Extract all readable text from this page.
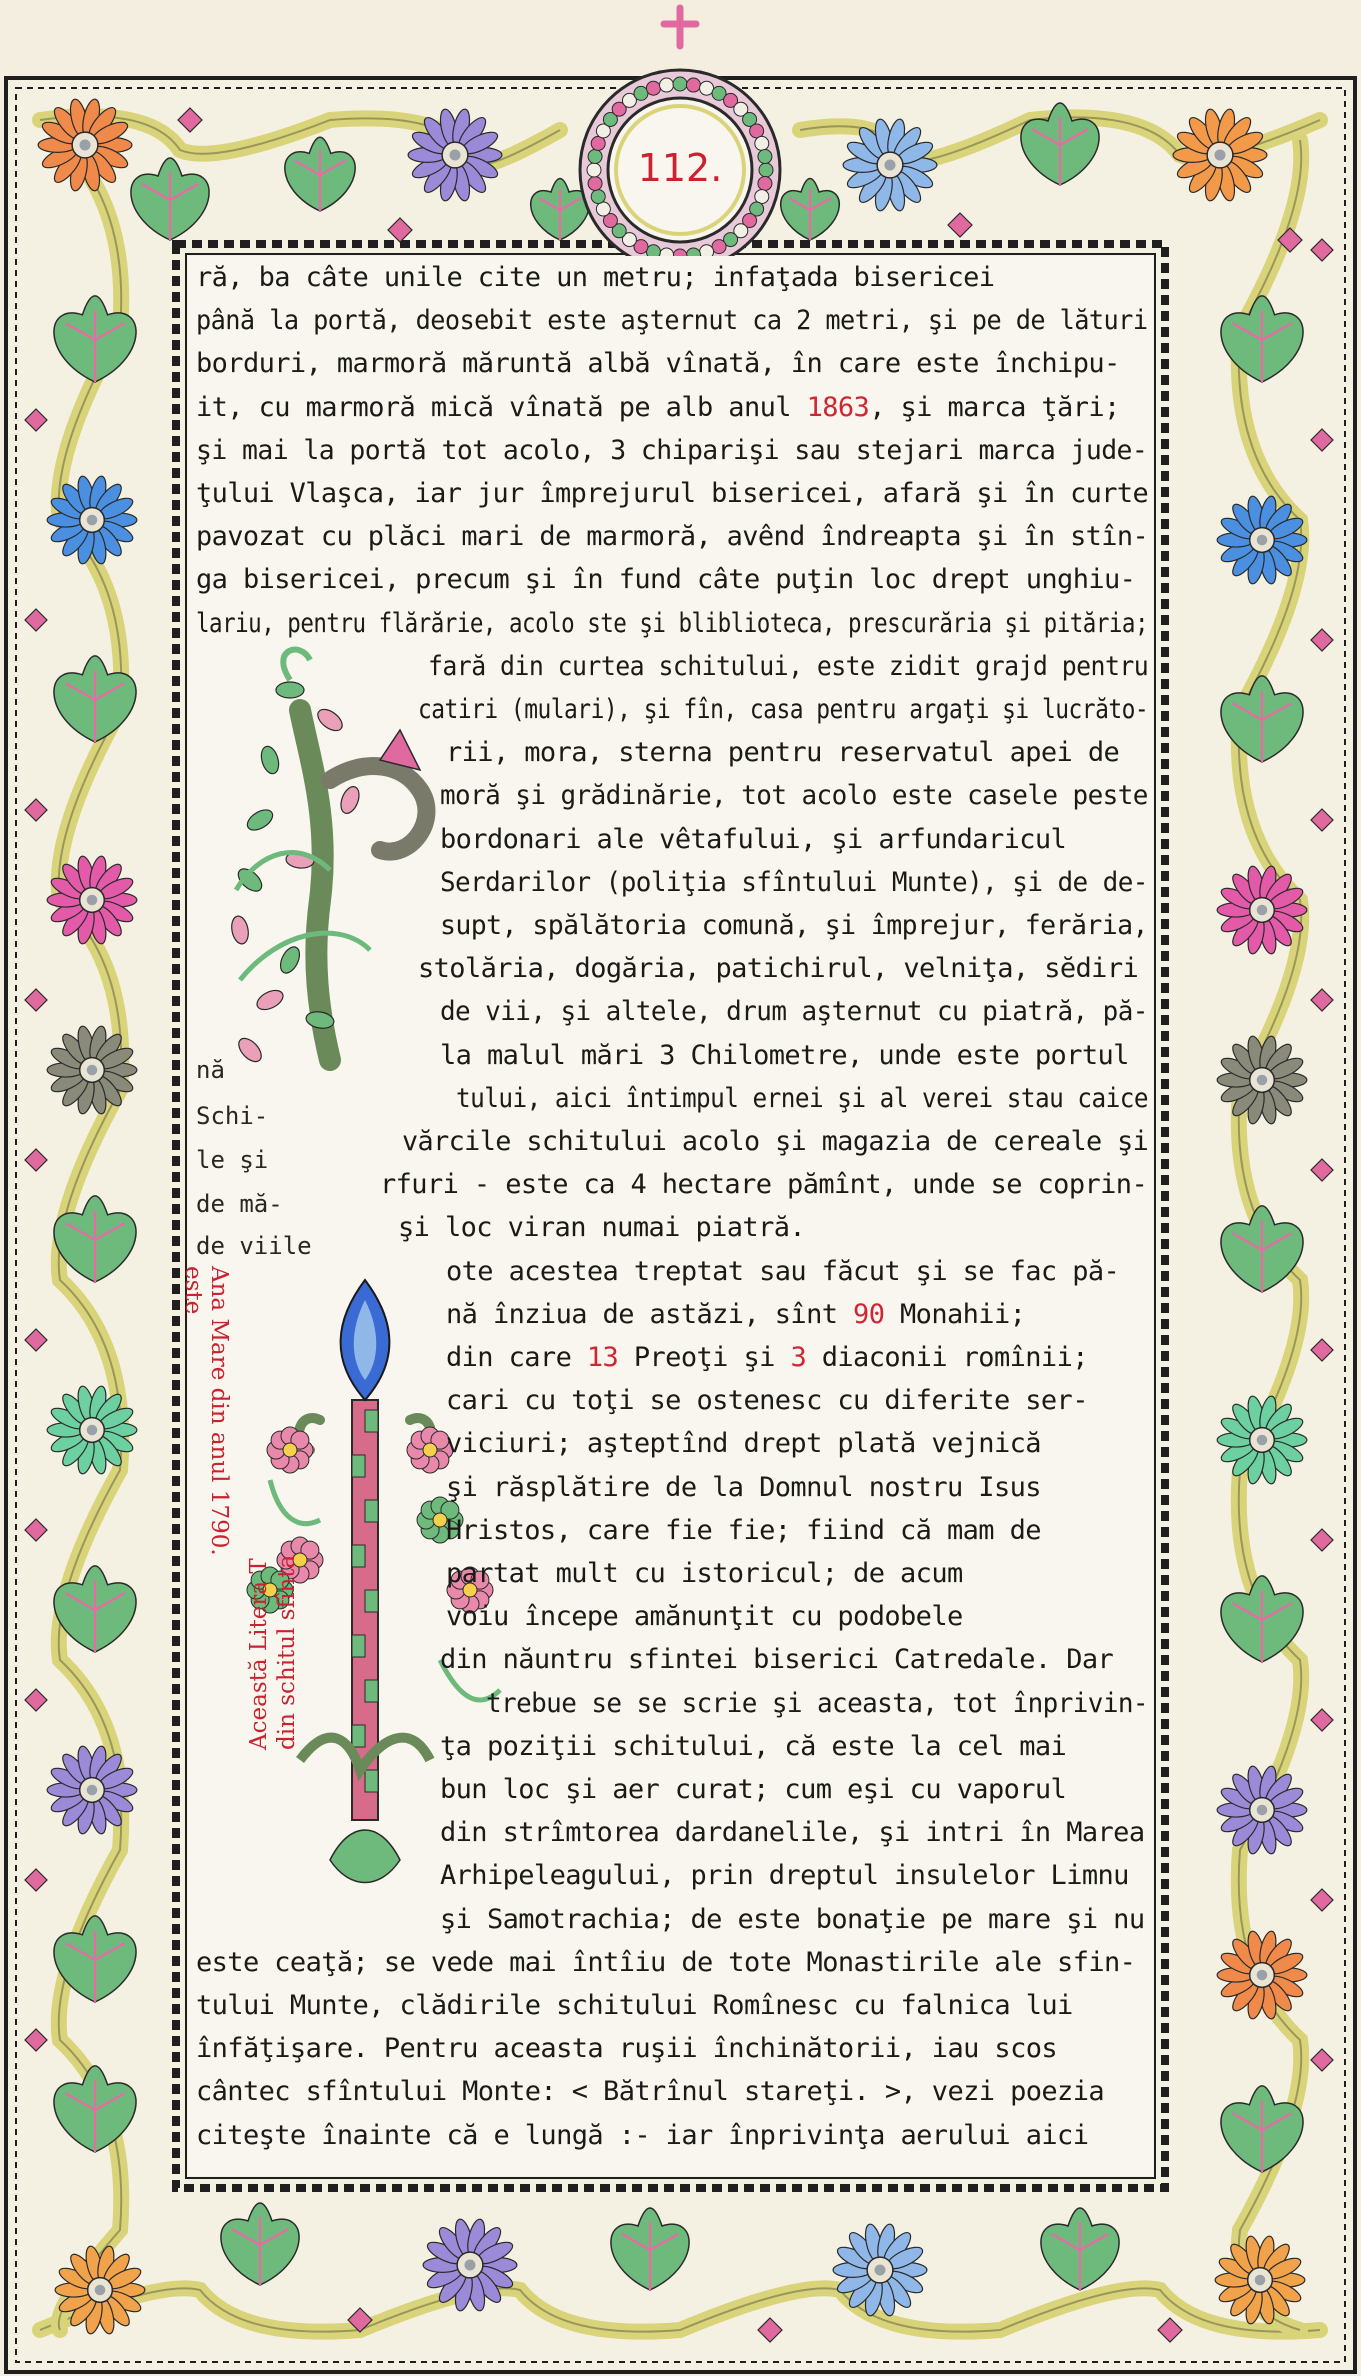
112.
ră, ba câte unile cite un metru; infaţada bisericei
până la portă, deosebit este aşternut ca 2 metri, şi pe de lături
borduri, marmoră măruntă albă vînată, în care este închipu-
it, cu marmoră mică vînată pe alb anul 1863, şi marca ţări;
şi mai la portă tot acolo, 3 chiparişi sau stejari marca jude-
ţului Vlaşca, iar jur împrejurul bisericei, afară şi în curte
pavozat cu plăci mari de marmoră, avênd îndreapta şi în stîn-
ga bisericei, precum şi în fund câte puţin loc drept unghiu-
lariu, pentru flărărie, acolo ste şi bliblioteca, prescurăria şi pităria;
fară din curtea schitului, este zidit grajd pentru
catiri (mulari), şi fîn, casa pentru argaţi şi lucrăto-
rii, mora, sterna pentru reservatul apei de
moră şi grădinărie, tot acolo este casele peste
bordonari ale vêtafului, şi arfundaricul
Serdarilor (poliţia sfîntului Munte), şi de de-
supt, spălătoria comună, şi împrejur, ferăria,
stolăria, dogăria, patichirul, velniţa, sĕdiri
de vii, şi altele, drum aşternut cu piatră, pă-
la malul mări 3 Chilometre, unde este portul
tului, aici întimpul ernei şi al verei stau caice
vărcile schitului acolo şi magazia de cereale şi
rfuri - este ca 4 hectare pămînt, unde se coprin-
şi loc viran numai piatră.
ote acestea treptat sau făcut şi se fac pă-
nă înziua de astăzi, sînt 90 Monahii;
din care 13 Preoţi şi 3 diaconii romînii;
cari cu toţi se ostenesc cu diferite ser-
viciuri; aşteptînd drept plată vejnică
şi răsplătire de la Domnul nostru Isus
Hristos, care fie fie; fiind că mam de
partat mult cu istoricul; de acum
voiu începe amănunţit cu podobele
din năuntru sfintei biserici Catredale. Dar
trebue se se scrie şi aceasta, tot înprivin-
ţa poziţii schitului, că este la cel mai
bun loc şi aer curat; cum eşi cu vaporul
din strîmtorea dardanelile, şi intri în Marea
Arhipeleagului, prin dreptul insulelor Limnu
şi Samotrachia; de este bonaţie pe mare şi nu
este ceaţă; se vede mai întîiu de tote Monastirile ale sfin-
tului Munte, clădirile schitului Romînesc cu falnica lui
înfăţişare. Pentru aceasta ruşii închinătorii, iau scos
cântec sfîntului Monte: < Bătrînul stareţi. >, vezi poezia
citeşte înainte că e lungă :- iar înprivinţa aerului aici
nă
Schi-
le şi
de mă-
de viile
este Ana Mare din anul 1790.
Această Litera T din schitul sfînta
